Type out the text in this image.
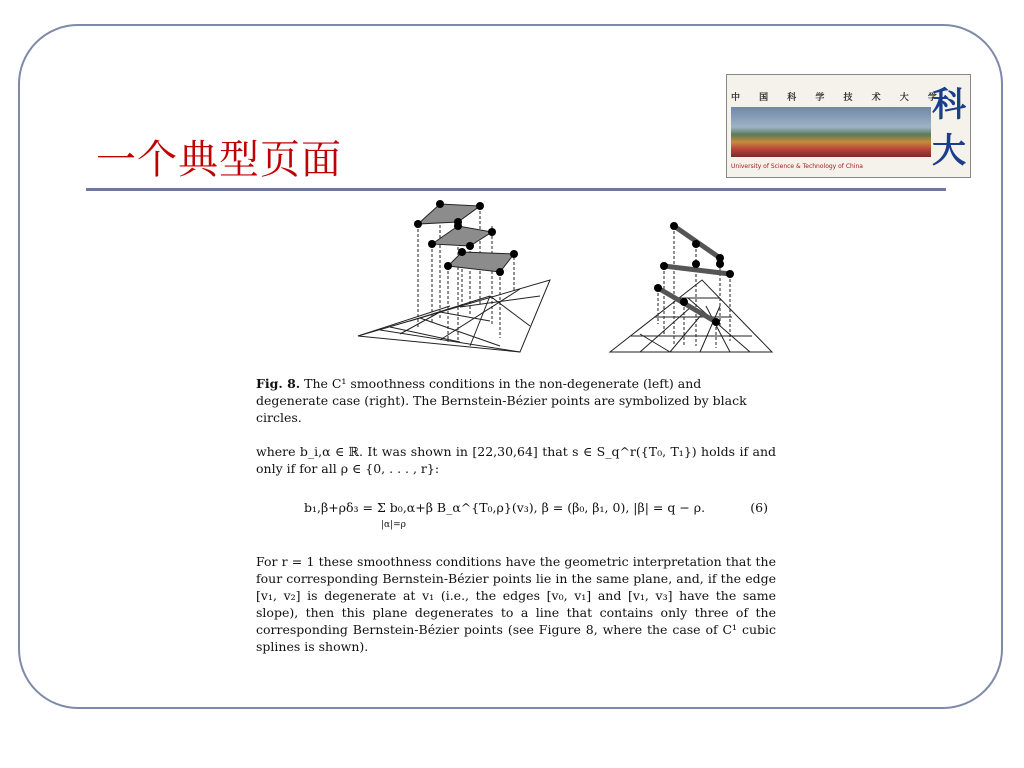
一个典型页面
中 国 科 学 技 术 大 学
University of Science & Technology of China
科
大
Fig. 8. The C¹ smoothness conditions in the non-degenerate (left) and degenerate case (right). The Bernstein-Bézier points are symbolized by black circles.
where b_i,α ∈ ℝ. It was shown in [22,30,64] that s ∈ S_q^r({T₀, T₁}) holds if and only if for all ρ ∈ {0, . . . , r}:
b₁,β+ρδ₃ = Σ b₀,α+β B_α^{T₀,ρ}(v₃), β = (β₀, β₁, 0), |β| = q − ρ.
|α|=ρ
(6)
For r = 1 these smoothness conditions have the geometric interpretation that the four corresponding Bernstein-Bézier points lie in the same plane, and, if the edge [v₁, v₂] is degenerate at v₁ (i.e., the edges [v₀, v₁] and [v₁, v₃] have the same slope), then this plane degenerates to a line that contains only three of the corresponding Bernstein-Bézier points (see Figure 8, where the case of C¹ cubic splines is shown).
